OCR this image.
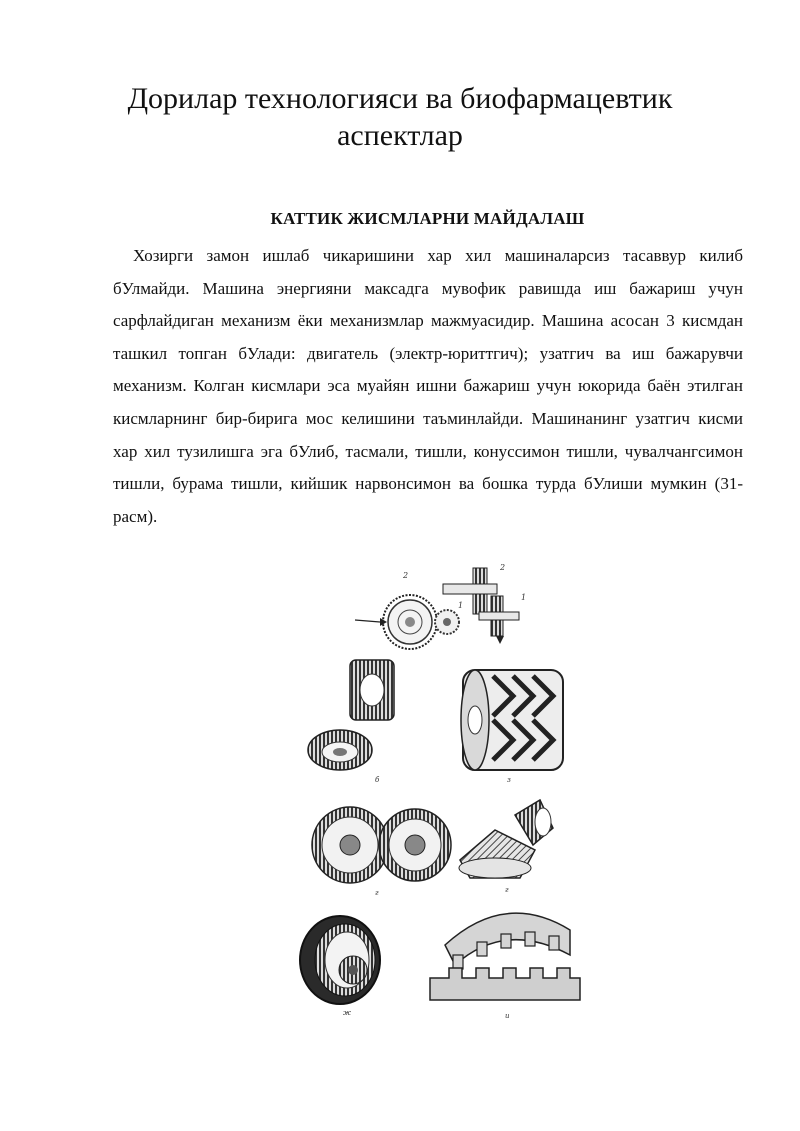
Дорилар технологияси ва биофармацевтик аспектлар
КАТТИК ЖИСМЛАРНИ МАЙДАЛАШ

Хозирги замон ишлаб чикаришини хар хил машиналарсиз тасаввур килиб бУлмайди. Машина энергияни максадга мувофик равишда иш бажариш учун сарфлайдиган механизм ёки механизмлар мажмуасидир. Машина асосан 3 кисмдан ташкил топган бУлади: двигатель (электр-юриттгич); узатгич ва иш бажарувчи механизм. Колган кисмлари эса муайян ишни бажариш учун юкорида баён этилган кисмларнинг бир-бирига мос келишини таъминлайди. Машинанинг узатгич кисми хар хил тузилишга эга бУлиб, тасмали, тишли, конуссимон тишли, чувалчангсимон тишли, бурама тишли, кийшик нарвонсимон ва бошка турда бУлиши мумкин (31-расм).

2
1
2
1
б	з
г	г
ж	и
